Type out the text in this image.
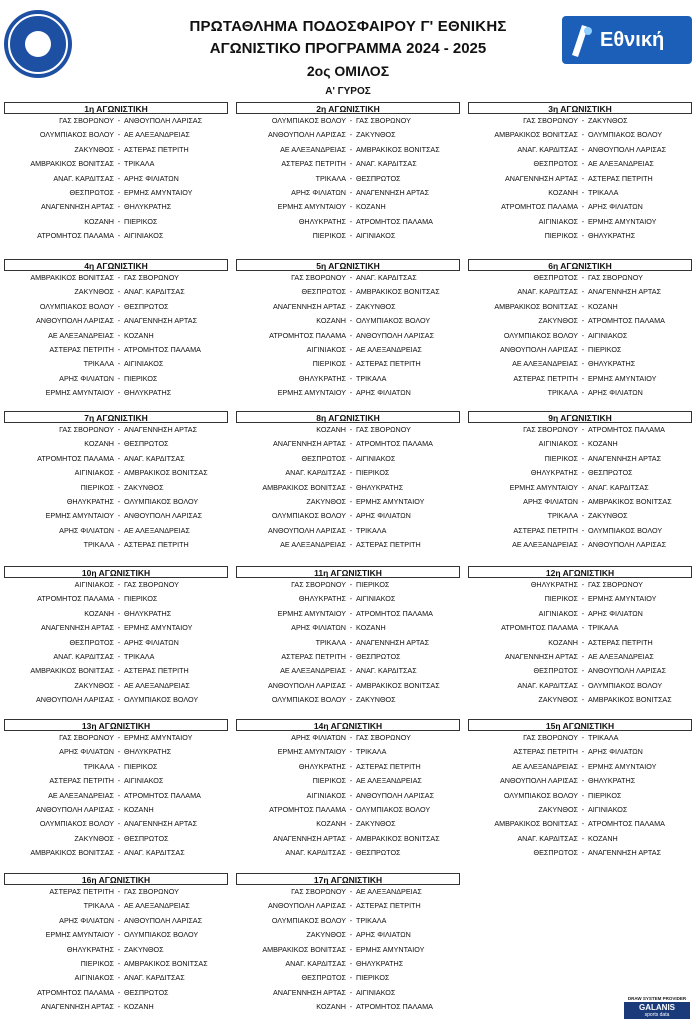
ΠΡΩΤΑΘΛΗΜΑ ΠΟΔΟΣΦΑΙΡΟΥ Γ' ΕΘΝΙΚΗΣ
ΑΓΩΝΙΣΤΙΚΟ ΠΡΟΓΡΑΜΜΑ 2024 - 2025
2ος ΟΜΙΛΟΣ
Α' ΓΥΡΟΣ
Εθνική
1η ΑΓΩΝΙΣΤΙΚΗ
ΓΑΣ ΣΒΟΡΩΝΟΥ - ΑΝΘΟΥΠΟΛΗ ΛΑΡΙΣΑΣ
ΟΛΥΜΠΙΑΚΟΣ ΒΟΛΟΥ - ΑΕ ΑΛΕΞΑΝΔΡΕΙΑΣ
ΖΑΚΥΝΘΟΣ - ΑΣΤΕΡΑΣ ΠΕΤΡΙΤΗ
ΑΜΒΡΑΚΙΚΟΣ ΒΟΝΙΤΣΑΣ - ΤΡΙΚΑΛΑ
ΑΝΑΓ. ΚΑΡΔΙΤΣΑΣ - ΑΡΗΣ ΦΙΛΙΑΤΩΝ
ΘΕΣΠΡΩΤΟΣ - ΕΡΜΗΣ ΑΜΥΝΤΑΙΟΥ
ΑΝΑΓΕΝΝΗΣΗ ΑΡΤΑΣ - ΘΗΛΥΚΡΑΤΗΣ
ΚΟΖΑΝΗ - ΠΙΕΡΙΚΟΣ
ΑΤΡΟΜΗΤΟΣ ΠΑΛΑΜΑ - ΑΙΓΙΝΙΑΚΟΣ
2η ΑΓΩΝΙΣΤΙΚΗ
ΟΛΥΜΠΙΑΚΟΣ ΒΟΛΟΥ - ΓΑΣ ΣΒΟΡΩΝΟΥ
ΑΝΘΟΥΠΟΛΗ ΛΑΡΙΣΑΣ - ΖΑΚΥΝΘΟΣ
ΑΕ ΑΛΕΞΑΝΔΡΕΙΑΣ - ΑΜΒΡΑΚΙΚΟΣ ΒΟΝΙΤΣΑΣ
ΑΣΤΕΡΑΣ ΠΕΤΡΙΤΗ - ΑΝΑΓ. ΚΑΡΔΙΤΣΑΣ
ΤΡΙΚΑΛΑ - ΘΕΣΠΡΩΤΟΣ
ΑΡΗΣ ΦΙΛΙΑΤΩΝ - ΑΝΑΓΕΝΝΗΣΗ ΑΡΤΑΣ
ΕΡΜΗΣ ΑΜΥΝΤΑΙΟΥ - ΚΟΖΑΝΗ
ΘΗΛΥΚΡΑΤΗΣ - ΑΤΡΟΜΗΤΟΣ ΠΑΛΑΜΑ
ΠΙΕΡΙΚΟΣ - ΑΙΓΙΝΙΑΚΟΣ
3η ΑΓΩΝΙΣΤΙΚΗ
ΓΑΣ ΣΒΟΡΩΝΟΥ - ΖΑΚΥΝΘΟΣ
ΑΜΒΡΑΚΙΚΟΣ ΒΟΝΙΤΣΑΣ - ΟΛΥΜΠΙΑΚΟΣ ΒΟΛΟΥ
ΑΝΑΓ. ΚΑΡΔΙΤΣΑΣ - ΑΝΘΟΥΠΟΛΗ ΛΑΡΙΣΑΣ
ΘΕΣΠΡΩΤΟΣ - ΑΕ ΑΛΕΞΑΝΔΡΕΙΑΣ
ΑΝΑΓΕΝΝΗΣΗ ΑΡΤΑΣ - ΑΣΤΕΡΑΣ ΠΕΤΡΙΤΗ
ΚΟΖΑΝΗ - ΤΡΙΚΑΛΑ
ΑΤΡΟΜΗΤΟΣ ΠΑΛΑΜΑ - ΑΡΗΣ ΦΙΛΙΑΤΩΝ
ΑΙΓΙΝΙΑΚΟΣ - ΕΡΜΗΣ ΑΜΥΝΤΑΙΟΥ
ΠΙΕΡΙΚΟΣ - ΘΗΛΥΚΡΑΤΗΣ
4η ΑΓΩΝΙΣΤΙΚΗ
ΑΜΒΡΑΚΙΚΟΣ ΒΟΝΙΤΣΑΣ - ΓΑΣ ΣΒΟΡΩΝΟΥ
ΖΑΚΥΝΘΟΣ - ΑΝΑΓ. ΚΑΡΔΙΤΣΑΣ
ΟΛΥΜΠΙΑΚΟΣ ΒΟΛΟΥ - ΘΕΣΠΡΩΤΟΣ
ΑΝΘΟΥΠΟΛΗ ΛΑΡΙΣΑΣ - ΑΝΑΓΕΝΝΗΣΗ ΑΡΤΑΣ
ΑΕ ΑΛΕΞΑΝΔΡΕΙΑΣ - ΚΟΖΑΝΗ
ΑΣΤΕΡΑΣ ΠΕΤΡΙΤΗ - ΑΤΡΟΜΗΤΟΣ ΠΑΛΑΜΑ
ΤΡΙΚΑΛΑ - ΑΙΓΙΝΙΑΚΟΣ
ΑΡΗΣ ΦΙΛΙΑΤΩΝ - ΠΙΕΡΙΚΟΣ
ΕΡΜΗΣ ΑΜΥΝΤΑΙΟΥ - ΘΗΛΥΚΡΑΤΗΣ
5η ΑΓΩΝΙΣΤΙΚΗ
ΓΑΣ ΣΒΟΡΩΝΟΥ - ΑΝΑΓ. ΚΑΡΔΙΤΣΑΣ
ΘΕΣΠΡΩΤΟΣ - ΑΜΒΡΑΚΙΚΟΣ ΒΟΝΙΤΣΑΣ
ΑΝΑΓΕΝΝΗΣΗ ΑΡΤΑΣ - ΖΑΚΥΝΘΟΣ
ΚΟΖΑΝΗ - ΟΛΥΜΠΙΑΚΟΣ ΒΟΛΟΥ
ΑΤΡΟΜΗΤΟΣ ΠΑΛΑΜΑ - ΑΝΘΟΥΠΟΛΗ ΛΑΡΙΣΑΣ
ΑΙΓΙΝΙΑΚΟΣ - ΑΕ ΑΛΕΞΑΝΔΡΕΙΑΣ
ΠΙΕΡΙΚΟΣ - ΑΣΤΕΡΑΣ ΠΕΤΡΙΤΗ
ΘΗΛΥΚΡΑΤΗΣ - ΤΡΙΚΑΛΑ
ΕΡΜΗΣ ΑΜΥΝΤΑΙΟΥ - ΑΡΗΣ ΦΙΛΙΑΤΩΝ
6η ΑΓΩΝΙΣΤΙΚΗ
ΘΕΣΠΡΩΤΟΣ - ΓΑΣ ΣΒΟΡΩΝΟΥ
ΑΝΑΓ. ΚΑΡΔΙΤΣΑΣ - ΑΝΑΓΕΝΝΗΣΗ ΑΡΤΑΣ
ΑΜΒΡΑΚΙΚΟΣ ΒΟΝΙΤΣΑΣ - ΚΟΖΑΝΗ
ΖΑΚΥΝΘΟΣ - ΑΤΡΟΜΗΤΟΣ ΠΑΛΑΜΑ
ΟΛΥΜΠΙΑΚΟΣ ΒΟΛΟΥ - ΑΙΓΙΝΙΑΚΟΣ
ΑΝΘΟΥΠΟΛΗ ΛΑΡΙΣΑΣ - ΠΙΕΡΙΚΟΣ
ΑΕ ΑΛΕΞΑΝΔΡΕΙΑΣ - ΘΗΛΥΚΡΑΤΗΣ
ΑΣΤΕΡΑΣ ΠΕΤΡΙΤΗ - ΕΡΜΗΣ ΑΜΥΝΤΑΙΟΥ
ΤΡΙΚΑΛΑ - ΑΡΗΣ ΦΙΛΙΑΤΩΝ
7η ΑΓΩΝΙΣΤΙΚΗ
ΓΑΣ ΣΒΟΡΩΝΟΥ - ΑΝΑΓΕΝΝΗΣΗ ΑΡΤΑΣ
ΚΟΖΑΝΗ - ΘΕΣΠΡΩΤΟΣ
ΑΤΡΟΜΗΤΟΣ ΠΑΛΑΜΑ - ΑΝΑΓ. ΚΑΡΔΙΤΣΑΣ
ΑΙΓΙΝΙΑΚΟΣ - ΑΜΒΡΑΚΙΚΟΣ ΒΟΝΙΤΣΑΣ
ΠΙΕΡΙΚΟΣ - ΖΑΚΥΝΘΟΣ
ΘΗΛΥΚΡΑΤΗΣ - ΟΛΥΜΠΙΑΚΟΣ ΒΟΛΟΥ
ΕΡΜΗΣ ΑΜΥΝΤΑΙΟΥ - ΑΝΘΟΥΠΟΛΗ ΛΑΡΙΣΑΣ
ΑΡΗΣ ΦΙΛΙΑΤΩΝ - ΑΕ ΑΛΕΞΑΝΔΡΕΙΑΣ
ΤΡΙΚΑΛΑ - ΑΣΤΕΡΑΣ ΠΕΤΡΙΤΗ
8η ΑΓΩΝΙΣΤΙΚΗ
ΚΟΖΑΝΗ - ΓΑΣ ΣΒΟΡΩΝΟΥ
ΑΝΑΓΕΝΝΗΣΗ ΑΡΤΑΣ - ΑΤΡΟΜΗΤΟΣ ΠΑΛΑΜΑ
ΘΕΣΠΡΩΤΟΣ - ΑΙΓΙΝΙΑΚΟΣ
ΑΝΑΓ. ΚΑΡΔΙΤΣΑΣ - ΠΙΕΡΙΚΟΣ
ΑΜΒΡΑΚΙΚΟΣ ΒΟΝΙΤΣΑΣ - ΘΗΛΥΚΡΑΤΗΣ
ΖΑΚΥΝΘΟΣ - ΕΡΜΗΣ ΑΜΥΝΤΑΙΟΥ
ΟΛΥΜΠΙΑΚΟΣ ΒΟΛΟΥ - ΑΡΗΣ ΦΙΛΙΑΤΩΝ
ΑΝΘΟΥΠΟΛΗ ΛΑΡΙΣΑΣ - ΤΡΙΚΑΛΑ
ΑΕ ΑΛΕΞΑΝΔΡΕΙΑΣ - ΑΣΤΕΡΑΣ ΠΕΤΡΙΤΗ
9η ΑΓΩΝΙΣΤΙΚΗ
ΓΑΣ ΣΒΟΡΩΝΟΥ - ΑΤΡΟΜΗΤΟΣ ΠΑΛΑΜΑ
ΑΙΓΙΝΙΑΚΟΣ - ΚΟΖΑΝΗ
ΠΙΕΡΙΚΟΣ - ΑΝΑΓΕΝΝΗΣΗ ΑΡΤΑΣ
ΘΗΛΥΚΡΑΤΗΣ - ΘΕΣΠΡΩΤΟΣ
ΕΡΜΗΣ ΑΜΥΝΤΑΙΟΥ - ΑΝΑΓ. ΚΑΡΔΙΤΣΑΣ
ΑΡΗΣ ΦΙΛΙΑΤΩΝ - ΑΜΒΡΑΚΙΚΟΣ ΒΟΝΙΤΣΑΣ
ΤΡΙΚΑΛΑ - ΖΑΚΥΝΘΟΣ
ΑΣΤΕΡΑΣ ΠΕΤΡΙΤΗ - ΟΛΥΜΠΙΑΚΟΣ ΒΟΛΟΥ
ΑΕ ΑΛΕΞΑΝΔΡΕΙΑΣ - ΑΝΘΟΥΠΟΛΗ ΛΑΡΙΣΑΣ
10η ΑΓΩΝΙΣΤΙΚΗ
ΑΙΓΙΝΙΑΚΟΣ - ΓΑΣ ΣΒΟΡΩΝΟΥ
ΑΤΡΟΜΗΤΟΣ ΠΑΛΑΜΑ - ΠΙΕΡΙΚΟΣ
ΚΟΖΑΝΗ - ΘΗΛΥΚΡΑΤΗΣ
ΑΝΑΓΕΝΝΗΣΗ ΑΡΤΑΣ - ΕΡΜΗΣ ΑΜΥΝΤΑΙΟΥ
ΘΕΣΠΡΩΤΟΣ - ΑΡΗΣ ΦΙΛΙΑΤΩΝ
ΑΝΑΓ. ΚΑΡΔΙΤΣΑΣ - ΤΡΙΚΑΛΑ
ΑΜΒΡΑΚΙΚΟΣ ΒΟΝΙΤΣΑΣ - ΑΣΤΕΡΑΣ ΠΕΤΡΙΤΗ
ΖΑΚΥΝΘΟΣ - ΑΕ ΑΛΕΞΑΝΔΡΕΙΑΣ
ΑΝΘΟΥΠΟΛΗ ΛΑΡΙΣΑΣ - ΟΛΥΜΠΙΑΚΟΣ ΒΟΛΟΥ
11η ΑΓΩΝΙΣΤΙΚΗ
ΓΑΣ ΣΒΟΡΩΝΟΥ - ΠΙΕΡΙΚΟΣ
ΘΗΛΥΚΡΑΤΗΣ - ΑΙΓΙΝΙΑΚΟΣ
ΕΡΜΗΣ ΑΜΥΝΤΑΙΟΥ - ΑΤΡΟΜΗΤΟΣ ΠΑΛΑΜΑ
ΑΡΗΣ ΦΙΛΙΑΤΩΝ - ΚΟΖΑΝΗ
ΤΡΙΚΑΛΑ - ΑΝΑΓΕΝΝΗΣΗ ΑΡΤΑΣ
ΑΣΤΕΡΑΣ ΠΕΤΡΙΤΗ - ΘΕΣΠΡΩΤΟΣ
ΑΕ ΑΛΕΞΑΝΔΡΕΙΑΣ - ΑΝΑΓ. ΚΑΡΔΙΤΣΑΣ
ΑΝΘΟΥΠΟΛΗ ΛΑΡΙΣΑΣ - ΑΜΒΡΑΚΙΚΟΣ ΒΟΝΙΤΣΑΣ
ΟΛΥΜΠΙΑΚΟΣ ΒΟΛΟΥ - ΖΑΚΥΝΘΟΣ
12η ΑΓΩΝΙΣΤΙΚΗ
ΘΗΛΥΚΡΑΤΗΣ - ΓΑΣ ΣΒΟΡΩΝΟΥ
ΠΙΕΡΙΚΟΣ - ΕΡΜΗΣ ΑΜΥΝΤΑΙΟΥ
ΑΙΓΙΝΙΑΚΟΣ - ΑΡΗΣ ΦΙΛΙΑΤΩΝ
ΑΤΡΟΜΗΤΟΣ ΠΑΛΑΜΑ - ΤΡΙΚΑΛΑ
ΚΟΖΑΝΗ - ΑΣΤΕΡΑΣ ΠΕΤΡΙΤΗ
ΑΝΑΓΕΝΝΗΣΗ ΑΡΤΑΣ - ΑΕ ΑΛΕΞΑΝΔΡΕΙΑΣ
ΘΕΣΠΡΩΤΟΣ - ΑΝΘΟΥΠΟΛΗ ΛΑΡΙΣΑΣ
ΑΝΑΓ. ΚΑΡΔΙΤΣΑΣ - ΟΛΥΜΠΙΑΚΟΣ ΒΟΛΟΥ
ΖΑΚΥΝΘΟΣ - ΑΜΒΡΑΚΙΚΟΣ ΒΟΝΙΤΣΑΣ
13η ΑΓΩΝΙΣΤΙΚΗ
ΓΑΣ ΣΒΟΡΩΝΟΥ - ΕΡΜΗΣ ΑΜΥΝΤΑΙΟΥ
ΑΡΗΣ ΦΙΛΙΑΤΩΝ - ΘΗΛΥΚΡΑΤΗΣ
ΤΡΙΚΑΛΑ - ΠΙΕΡΙΚΟΣ
ΑΣΤΕΡΑΣ ΠΕΤΡΙΤΗ - ΑΙΓΙΝΙΑΚΟΣ
ΑΕ ΑΛΕΞΑΝΔΡΕΙΑΣ - ΑΤΡΟΜΗΤΟΣ ΠΑΛΑΜΑ
ΑΝΘΟΥΠΟΛΗ ΛΑΡΙΣΑΣ - ΚΟΖΑΝΗ
ΟΛΥΜΠΙΑΚΟΣ ΒΟΛΟΥ - ΑΝΑΓΕΝΝΗΣΗ ΑΡΤΑΣ
ΖΑΚΥΝΘΟΣ - ΘΕΣΠΡΩΤΟΣ
ΑΜΒΡΑΚΙΚΟΣ ΒΟΝΙΤΣΑΣ - ΑΝΑΓ. ΚΑΡΔΙΤΣΑΣ
14η ΑΓΩΝΙΣΤΙΚΗ
ΑΡΗΣ ΦΙΛΙΑΤΩΝ - ΓΑΣ ΣΒΟΡΩΝΟΥ
ΕΡΜΗΣ ΑΜΥΝΤΑΙΟΥ - ΤΡΙΚΑΛΑ
ΘΗΛΥΚΡΑΤΗΣ - ΑΣΤΕΡΑΣ ΠΕΤΡΙΤΗ
ΠΙΕΡΙΚΟΣ - ΑΕ ΑΛΕΞΑΝΔΡΕΙΑΣ
ΑΙΓΙΝΙΑΚΟΣ - ΑΝΘΟΥΠΟΛΗ ΛΑΡΙΣΑΣ
ΑΤΡΟΜΗΤΟΣ ΠΑΛΑΜΑ - ΟΛΥΜΠΙΑΚΟΣ ΒΟΛΟΥ
ΚΟΖΑΝΗ - ΖΑΚΥΝΘΟΣ
ΑΝΑΓΕΝΝΗΣΗ ΑΡΤΑΣ - ΑΜΒΡΑΚΙΚΟΣ ΒΟΝΙΤΣΑΣ
ΑΝΑΓ. ΚΑΡΔΙΤΣΑΣ - ΘΕΣΠΡΩΤΟΣ
15η ΑΓΩΝΙΣΤΙΚΗ
ΓΑΣ ΣΒΟΡΩΝΟΥ - ΤΡΙΚΑΛΑ
ΑΣΤΕΡΑΣ ΠΕΤΡΙΤΗ - ΑΡΗΣ ΦΙΛΙΑΤΩΝ
ΑΕ ΑΛΕΞΑΝΔΡΕΙΑΣ - ΕΡΜΗΣ ΑΜΥΝΤΑΙΟΥ
ΑΝΘΟΥΠΟΛΗ ΛΑΡΙΣΑΣ - ΘΗΛΥΚΡΑΤΗΣ
ΟΛΥΜΠΙΑΚΟΣ ΒΟΛΟΥ - ΠΙΕΡΙΚΟΣ
ΖΑΚΥΝΘΟΣ - ΑΙΓΙΝΙΑΚΟΣ
ΑΜΒΡΑΚΙΚΟΣ ΒΟΝΙΤΣΑΣ - ΑΤΡΟΜΗΤΟΣ ΠΑΛΑΜΑ
ΑΝΑΓ. ΚΑΡΔΙΤΣΑΣ - ΚΟΖΑΝΗ
ΘΕΣΠΡΩΤΟΣ - ΑΝΑΓΕΝΝΗΣΗ ΑΡΤΑΣ
16η ΑΓΩΝΙΣΤΙΚΗ
ΑΣΤΕΡΑΣ ΠΕΤΡΙΤΗ - ΓΑΣ ΣΒΟΡΩΝΟΥ
ΤΡΙΚΑΛΑ - ΑΕ ΑΛΕΞΑΝΔΡΕΙΑΣ
ΑΡΗΣ ΦΙΛΙΑΤΩΝ - ΑΝΘΟΥΠΟΛΗ ΛΑΡΙΣΑΣ
ΕΡΜΗΣ ΑΜΥΝΤΑΙΟΥ - ΟΛΥΜΠΙΑΚΟΣ ΒΟΛΟΥ
ΘΗΛΥΚΡΑΤΗΣ - ΖΑΚΥΝΘΟΣ
ΠΙΕΡΙΚΟΣ - ΑΜΒΡΑΚΙΚΟΣ ΒΟΝΙΤΣΑΣ
ΑΙΓΙΝΙΑΚΟΣ - ΑΝΑΓ. ΚΑΡΔΙΤΣΑΣ
ΑΤΡΟΜΗΤΟΣ ΠΑΛΑΜΑ - ΘΕΣΠΡΩΤΟΣ
ΑΝΑΓΕΝΝΗΣΗ ΑΡΤΑΣ - ΚΟΖΑΝΗ
17η ΑΓΩΝΙΣΤΙΚΗ
ΓΑΣ ΣΒΟΡΩΝΟΥ - ΑΕ ΑΛΕΞΑΝΔΡΕΙΑΣ
ΑΝΘΟΥΠΟΛΗ ΛΑΡΙΣΑΣ - ΑΣΤΕΡΑΣ ΠΕΤΡΙΤΗ
ΟΛΥΜΠΙΑΚΟΣ ΒΟΛΟΥ - ΤΡΙΚΑΛΑ
ΖΑΚΥΝΘΟΣ - ΑΡΗΣ ΦΙΛΙΑΤΩΝ
ΑΜΒΡΑΚΙΚΟΣ ΒΟΝΙΤΣΑΣ - ΕΡΜΗΣ ΑΜΥΝΤΑΙΟΥ
ΑΝΑΓ. ΚΑΡΔΙΤΣΑΣ - ΘΗΛΥΚΡΑΤΗΣ
ΘΕΣΠΡΩΤΟΣ - ΠΙΕΡΙΚΟΣ
ΑΝΑΓΕΝΝΗΣΗ ΑΡΤΑΣ - ΑΙΓΙΝΙΑΚΟΣ
ΚΟΖΑΝΗ - ΑΤΡΟΜΗΤΟΣ ΠΑΛΑΜΑ
DRAW SYSTEM PROVIDER
GALANIS
sports data
